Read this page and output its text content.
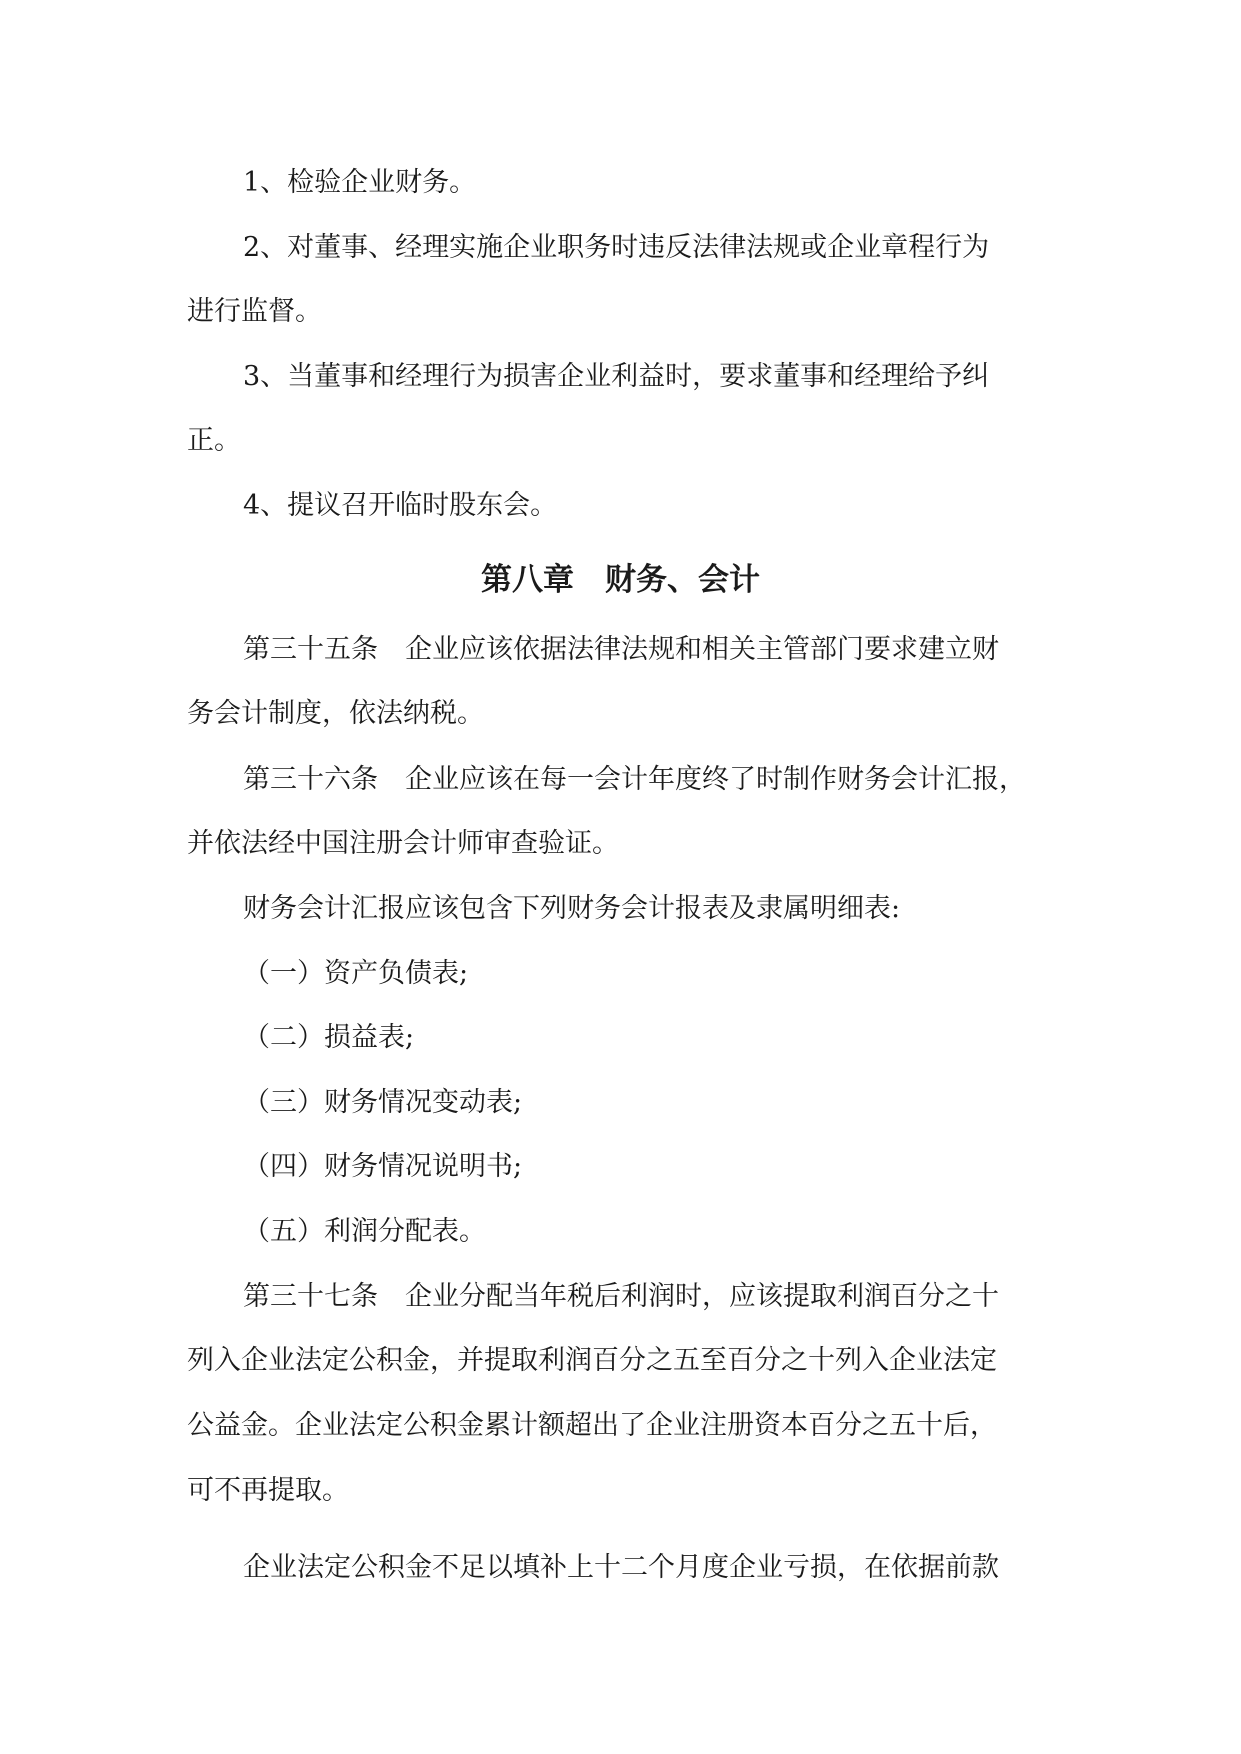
1、检验企业财务。

2、对董事、经理实施企业职务时违反法律法规或企业章程行为

进行监督。

3、当董事和经理行为损害企业利益时，要求董事和经理给予纠

正。

4、提议召开临时股东会。

第八章　财务、会计

第三十五条　企业应该依据法律法规和相关主管部门要求建立财

务会计制度，依法纳税。

第三十六条　企业应该在每一会计年度终了时制作财务会计汇报，

并依法经中国注册会计师审查验证。

财务会计汇报应该包含下列财务会计报表及隶属明细表:

（一）资产负债表;

（二）损益表;

（三）财务情况变动表;

（四）财务情况说明书;

（五）利润分配表。

第三十七条　企业分配当年税后利润时，应该提取利润百分之十

列入企业法定公积金，并提取利润百分之五至百分之十列入企业法定

公益金。企业法定公积金累计额超出了企业注册资本百分之五十后，

可不再提取。

企业法定公积金不足以填补上十二个月度企业亏损，在依据前款
